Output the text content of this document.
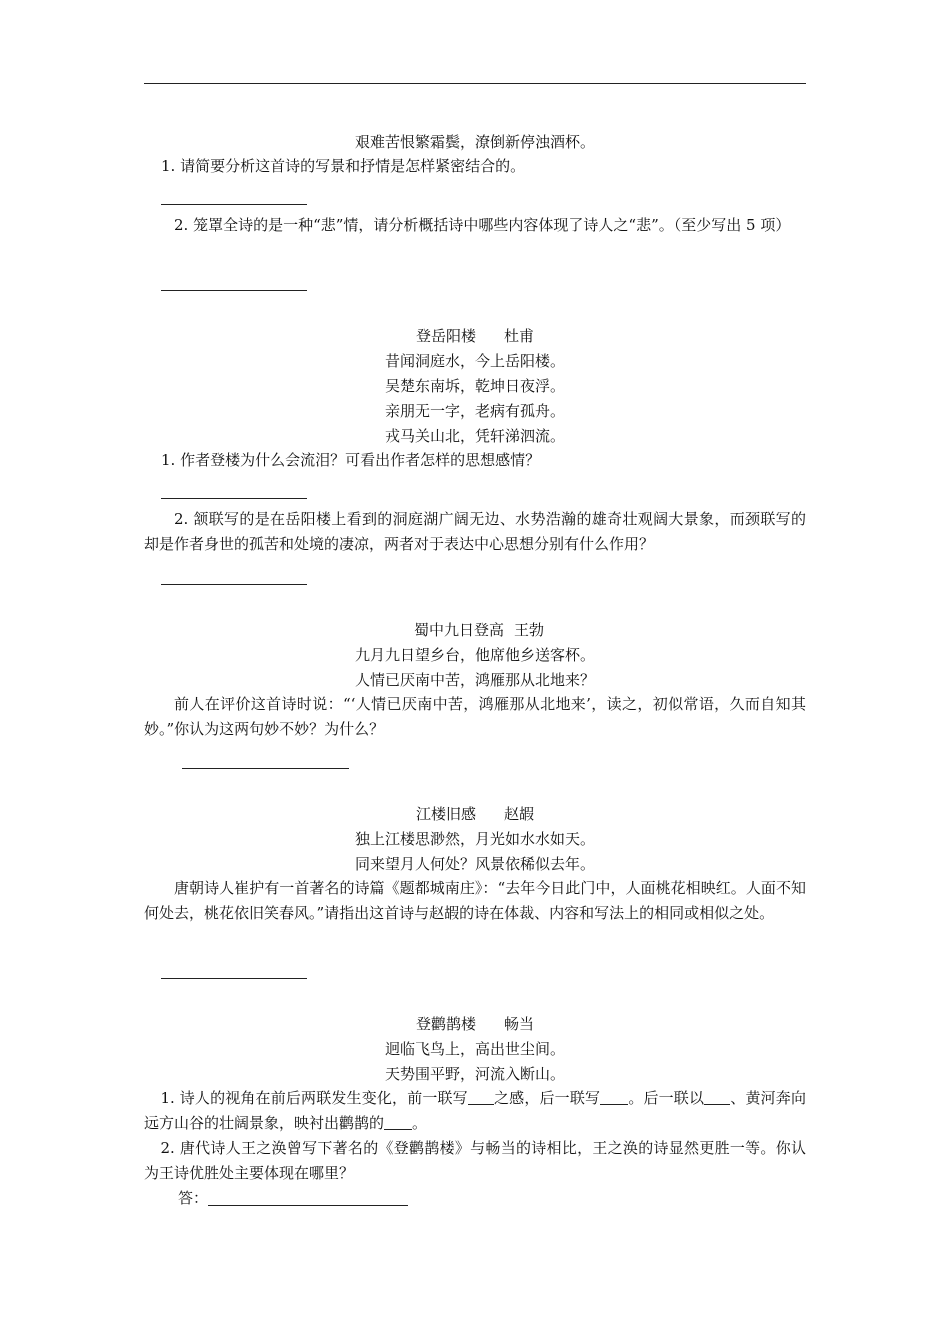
艰难苦恨繁霜鬓，潦倒新停浊酒杯。
1. 请简要分析这首诗的写景和抒情是怎样紧密结合的。
2. 笼罩全诗的是一种“悲”情，请分析概括诗中哪些内容体现了诗人之“悲”。（至少写出 5 项）
登岳阳楼 杜甫
昔闻洞庭水，今上岳阳楼。
吴楚东南坼，乾坤日夜浮。
亲朋无一字，老病有孤舟。
戎马关山北，凭轩涕泗流。
1. 作者登楼为什么会流泪？可看出作者怎样的思想感情？
2. 颔联写的是在岳阳楼上看到的洞庭湖广阔无边、水势浩瀚的雄奇壮观阔大景象，而颈联写的却是作者身世的孤苦和处境的凄凉，两者对于表达中心思想分别有什么作用？
蜀中九日登高 王勃
九月九日望乡台，他席他乡送客杯。
人情已厌南中苦，鸿雁那从北地来？
前人在评价这首诗时说：“‘人情已厌南中苦，鸿雁那从北地来’，读之，初似常语，久而自知其妙。”你认为这两句妙不妙？为什么？
江楼旧感 赵嘏
独上江楼思渺然，月光如水水如天。
同来望月人何处？风景依稀似去年。
唐朝诗人崔护有一首著名的诗篇《题都城南庄》：“去年今日此门中，人面桃花相映红。人面不知何处去，桃花依旧笑春风。”请指出这首诗与赵嘏的诗在体裁、内容和写法上的相同或相似之处。
登鹳鹊楼 畅当
迥临飞鸟上，高出世尘间。
天势围平野，河流入断山。
1. 诗人的视角在前后两联发生变化，前一联写 之感，后一联写 。后一联以 、黄河奔向远方山谷的壮阔景象，映衬出鹳鹊的 。
2. 唐代诗人王之涣曾写下著名的《登鹳鹊楼》与畅当的诗相比，王之涣的诗显然更胜一等。你认为王诗优胜处主要体现在哪里？
答：
